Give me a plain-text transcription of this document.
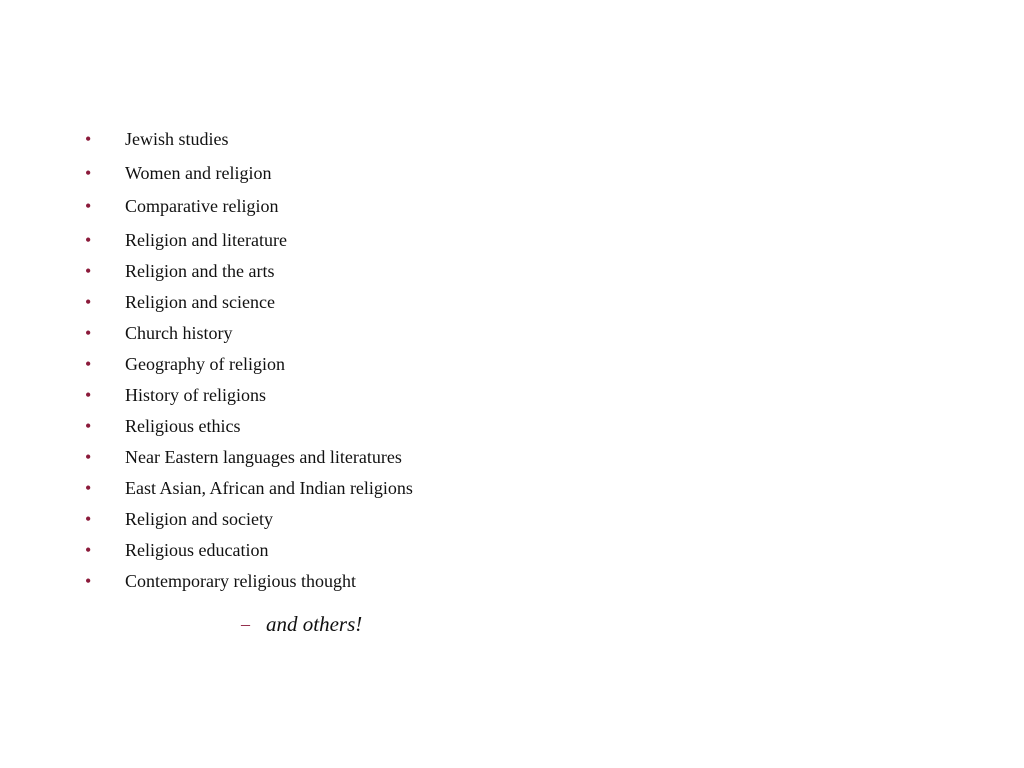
•	Jewish studies
•	Women and religion
•	Comparative religion
•	Religion and literature
•	Religion and the arts
•	Religion and science
•	Church history
•	Geography of religion
•	History of religions
•	Religious ethics
•	Near Eastern languages and literatures
•	East Asian, African and Indian religions
•	Religion and society
•	Religious education
•	Contemporary religious thought
– and others!
